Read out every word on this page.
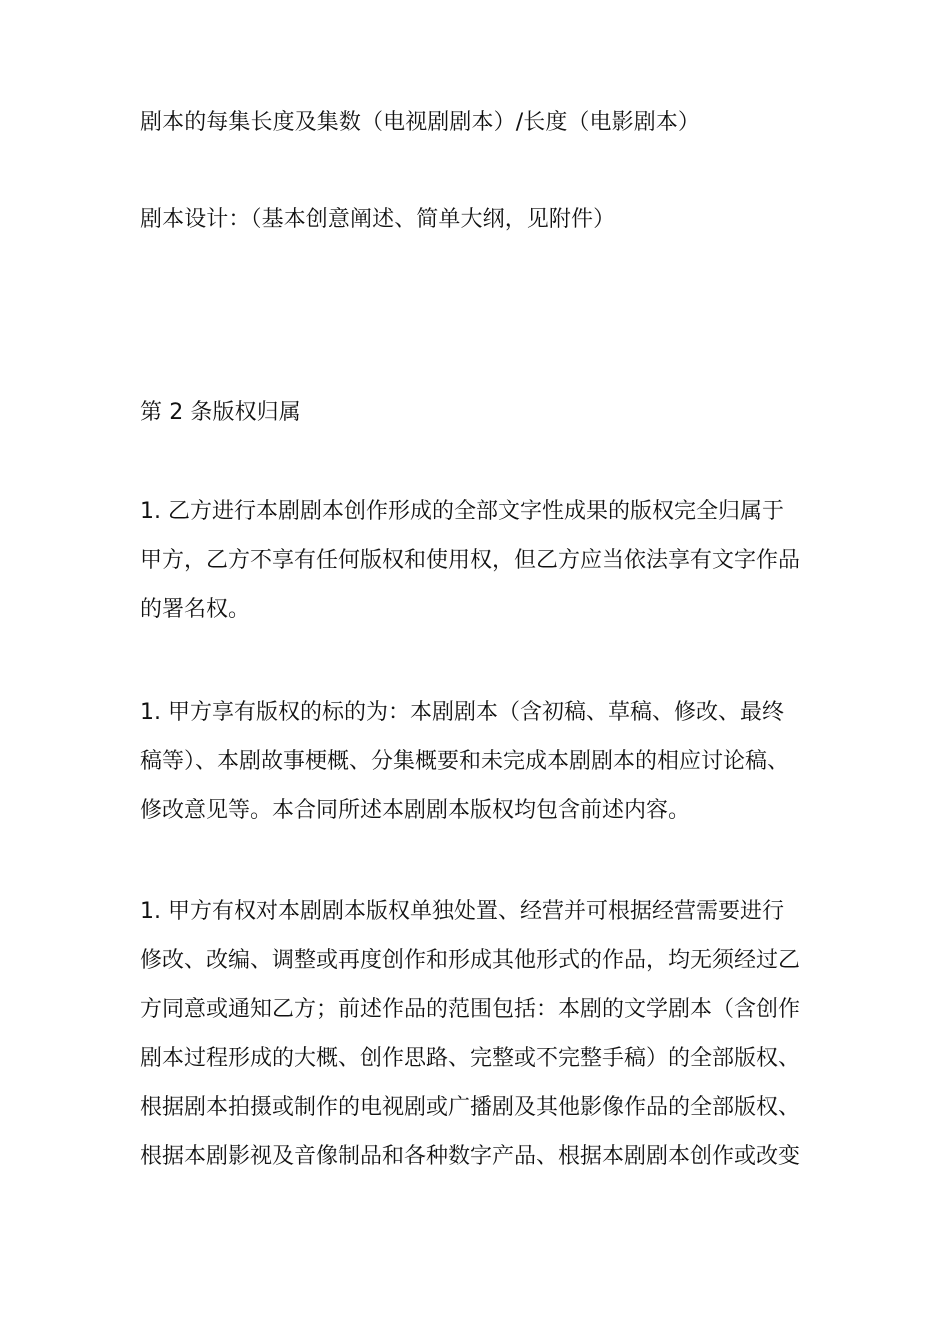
剧本的每集长度及集数（电视剧剧本）/长度（电影剧本）
剧本设计：（基本创意阐述、简单大纲，见附件）
第 2 条版权归属
1. 乙方进行本剧剧本创作形成的全部文字性成果的版权完全归属于
甲方，乙方不享有任何版权和使用权，但乙方应当依法享有文字作品
的署名权。
1. 甲方享有版权的标的为：本剧剧本（含初稿、草稿、修改、最终
稿等）、本剧故事梗概、分集概要和未完成本剧剧本的相应讨论稿、
修改意见等。本合同所述本剧剧本版权均包含前述内容。
1. 甲方有权对本剧剧本版权单独处置、经营并可根据经营需要进行
修改、改编、调整或再度创作和形成其他形式的作品，均无须经过乙
方同意或通知乙方；前述作品的范围包括：本剧的文学剧本（含创作
剧本过程形成的大概、创作思路、完整或不完整手稿）的全部版权、
根据剧本拍摄或制作的电视剧或广播剧及其他影像作品的全部版权、
根据本剧影视及音像制品和各种数字产品、根据本剧剧本创作或改变
